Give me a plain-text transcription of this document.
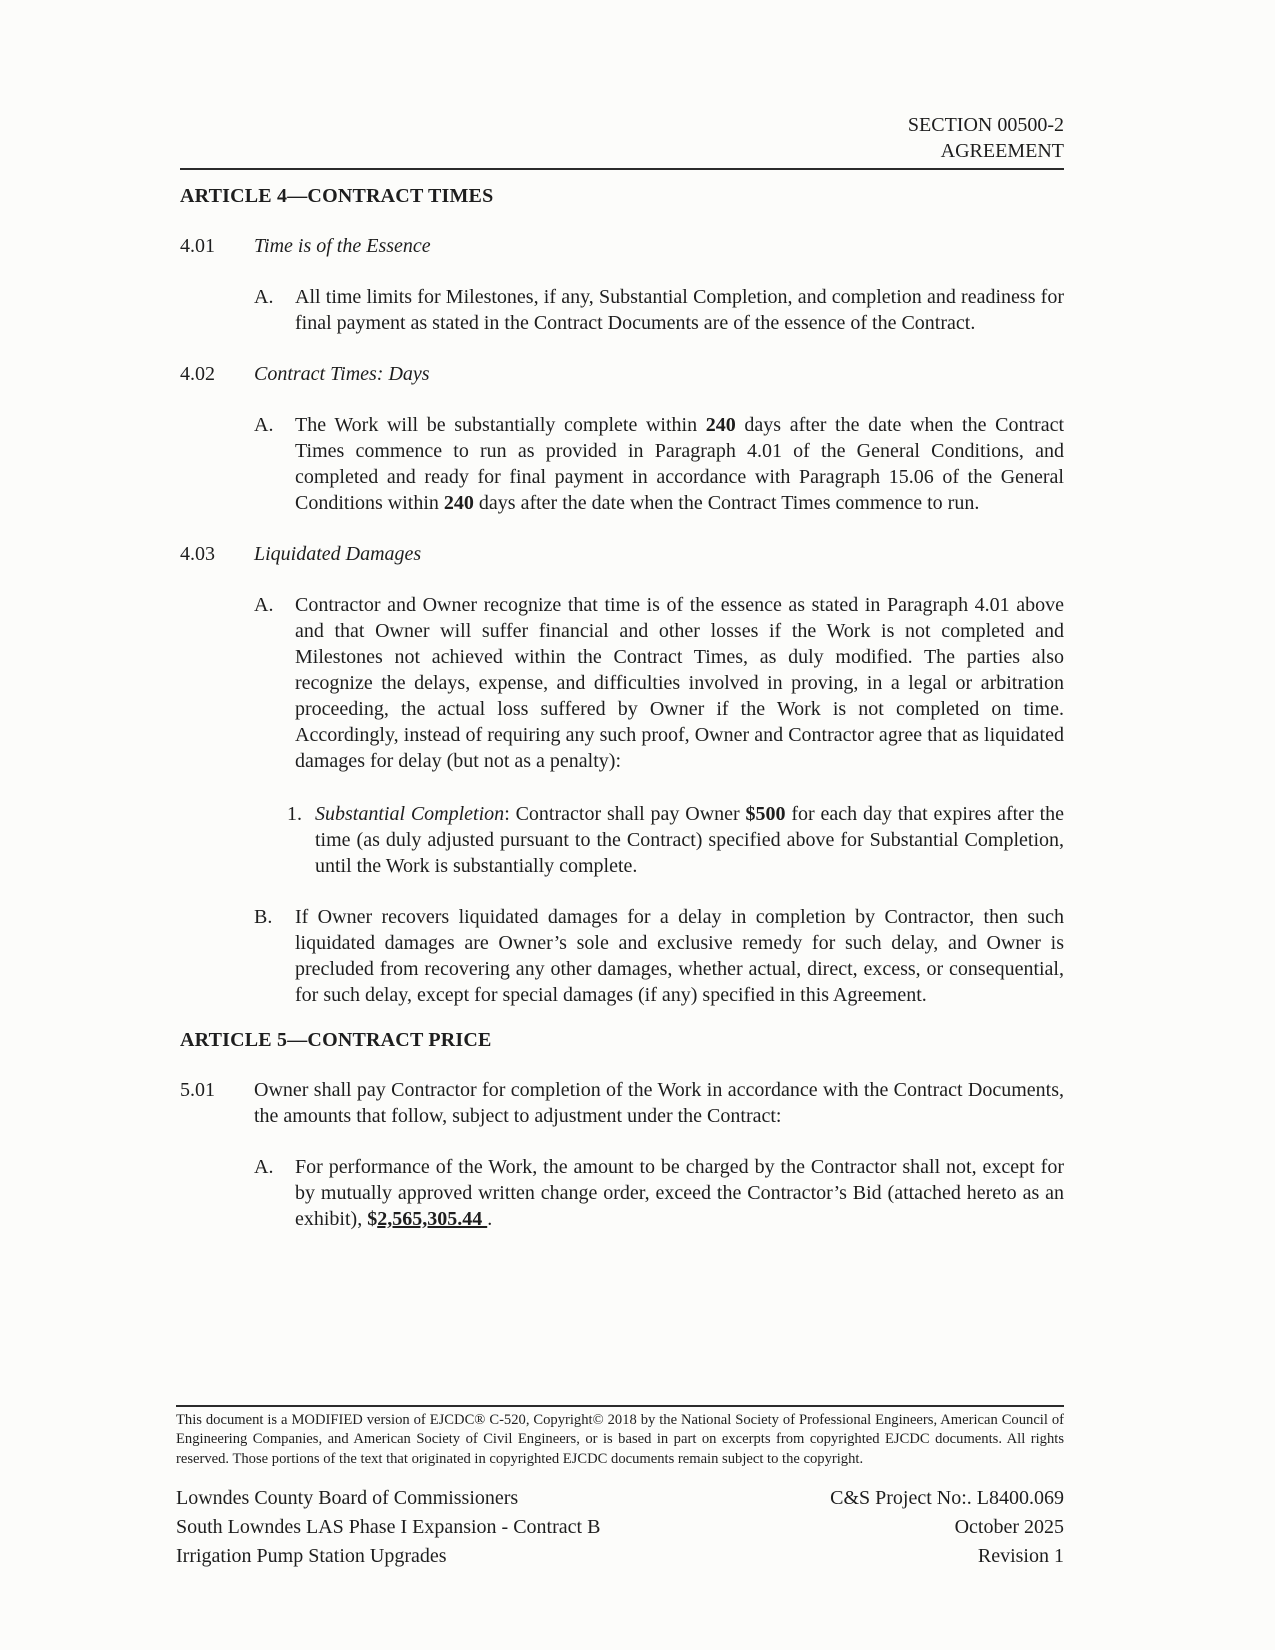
SECTION 00500-2
AGREEMENT
ARTICLE 4—CONTRACT TIMES
4.01	Time is of the Essence
A.	All time limits for Milestones, if any, Substantial Completion, and completion and readiness for final payment as stated in the Contract Documents are of the essence of the Contract.
4.02	Contract Times: Days
A.	The Work will be substantially complete within 240 days after the date when the Contract Times commence to run as provided in Paragraph 4.01 of the General Conditions, and completed and ready for final payment in accordance with Paragraph 15.06 of the General Conditions within 240 days after the date when the Contract Times commence to run.
4.03	Liquidated Damages
A.	Contractor and Owner recognize that time is of the essence as stated in Paragraph 4.01 above and that Owner will suffer financial and other losses if the Work is not completed and Milestones not achieved within the Contract Times, as duly modified. The parties also recognize the delays, expense, and difficulties involved in proving, in a legal or arbitration proceeding, the actual loss suffered by Owner if the Work is not completed on time. Accordingly, instead of requiring any such proof, Owner and Contractor agree that as liquidated damages for delay (but not as a penalty):
1. Substantial Completion: Contractor shall pay Owner $500 for each day that expires after the time (as duly adjusted pursuant to the Contract) specified above for Substantial Completion, until the Work is substantially complete.
B.	If Owner recovers liquidated damages for a delay in completion by Contractor, then such liquidated damages are Owner’s sole and exclusive remedy for such delay, and Owner is precluded from recovering any other damages, whether actual, direct, excess, or consequential, for such delay, except for special damages (if any) specified in this Agreement.
ARTICLE 5—CONTRACT PRICE
5.01	Owner shall pay Contractor for completion of the Work in accordance with the Contract Documents, the amounts that follow, subject to adjustment under the Contract:
A.	For performance of the Work, the amount to be charged by the Contractor shall not, except for by mutually approved written change order, exceed the Contractor’s Bid (attached hereto as an exhibit), $2,565,305.44 .

This document is a MODIFIED version of EJCDC® C-520, Copyright© 2018 by the National Society of Professional Engineers, American Council of Engineering Companies, and American Society of Civil Engineers, or is based in part on excerpts from copyrighted EJCDC documents. All rights reserved. Those portions of the text that originated in copyrighted EJCDC documents remain subject to the copyright.

Lowndes County Board of Commissioners
South Lowndes LAS Phase I Expansion - Contract B
Irrigation Pump Station Upgrades
C&S Project No:. L8400.069
October 2025
Revision 1
